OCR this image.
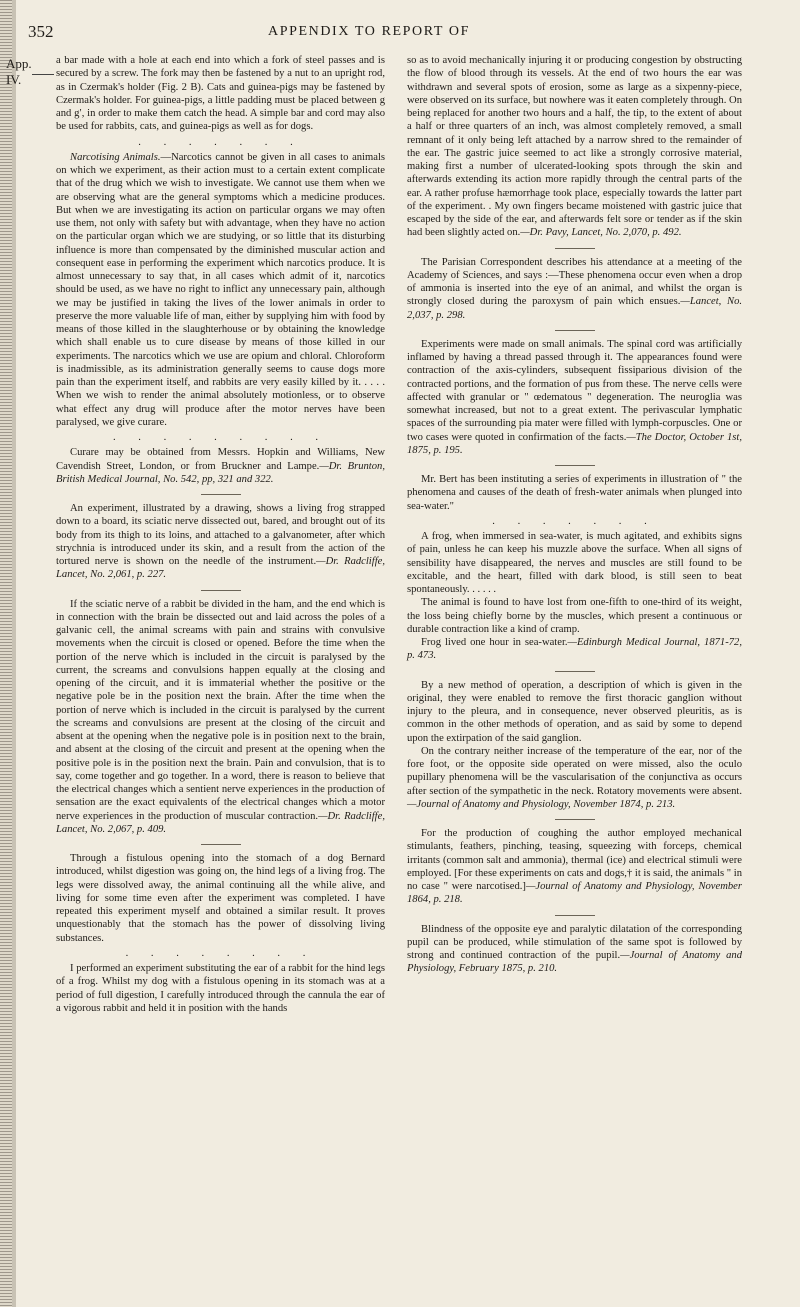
352	APPENDIX TO REPORT OF
App. IV.

a bar made with a hole at each end into which a fork of steel passes and is secured by a screw. The fork may then be fastened by a nut to an upright rod, as in Czermak's holder (Fig. 2 B). Cats and guinea-pigs may be fastened by Czermak's holder. For guinea-pigs, a little padding must be placed between g and g′, in order to make them catch the head. A simple bar and cord may also be used for rabbits, cats, and guinea-pigs as well as for dogs.

. . . . . . .

Narcotising Animals.—Narcotics cannot be given in all cases to animals on which we experiment, as their action must to a certain extent complicate that of the drug which we wish to investigate. We cannot use them when we are observing what are the general symptoms which a medicine produces. But when we are investigating its action on particular organs we may often use them, not only with safety but with advantage, when they have no action on the particular organ which we are studying, or so little that its disturbing influence is more than compensated by the diminished muscular action and consequent ease in performing the experiment which narcotics produce. It is almost unnecessary to say that, in all cases which admit of it, narcotics should be used, as we have no right to inflict any unnecessary pain, although we may be justified in taking the lives of the lower animals in order to preserve the more valuable life of man, either by supplying him with food by means of those killed in the slaughterhouse or by obtaining the knowledge which shall enable us to cure disease by means of those killed in our experiments. The narcotics which we use are opium and chloral. Chloroform is inadmissible, as its administration generally seems to cause dogs more pain than the experiment itself, and rabbits are very easily killed by it. . . . . When we wish to render the animal absolutely motionless, or to observe what effect any drug will produce after the motor nerves have been paralysed, we give curare.

. . . . . . . . .

Curare may be obtained from Messrs. Hopkin and Williams, New Cavendish Street, London, or from Bruckner and Lampe.—Dr. Brunton, British Medical Journal, No. 542, pp, 321 and 322.

An experiment, illustrated by a drawing, shows a living frog strapped down to a board, its sciatic nerve dissected out, bared, and brought out of its body from its thigh to its loins, and attached to a galvanometer, after which strychnia is introduced under its skin, and a result from the action of the tortured nerve is shown on the needle of the instrument.—Dr. Radcliffe, Lancet, No. 2,061, p. 227.

If the sciatic nerve of a rabbit be divided in the ham, and the end which is in connection with the brain be dissected out and laid across the poles of a galvanic cell, the animal screams with pain and strains with convulsive movements when the circuit is closed or opened. Before the time when the portion of the nerve which is included in the circuit is paralysed by the current, the screams and convulsions happen equally at the closing and opening of the circuit, and it is immaterial whether the positive or the negative pole be in the position next the brain. After the time when the portion of nerve which is included in the circuit is paralysed by the current the screams and convulsions are present at the closing of the circuit and absent at the opening when the negative pole is in position next to the brain, and absent at the closing of the circuit and present at the opening when the positive pole is in the position next the brain. Pain and convulsion, that is to say, come together and go together. In a word, there is reason to believe that the electrical changes which a sentient nerve experiences in the production of sensation are the exact equivalents of the electrical changes which a motor nerve experiences in the production of muscular contraction.—Dr. Radcliffe, Lancet, No. 2,067, p. 409.

Through a fistulous opening into the stomach of a dog Bernard introduced, whilst digestion was going on, the hind legs of a living frog. The legs were dissolved away, the animal continuing all the while alive, and living for some time even after the experiment was completed. I have repeated this experiment myself and obtained a similar result. It proves unquestionably that the stomach has the power of dissolving living substances.

. . . . . . . .

I performed an experiment substituting the ear of a rabbit for the hind legs of a frog. Whilst my dog with a fistulous opening in its stomach was at a period of full digestion, I carefully introduced through the cannula the ear of a vigorous rabbit and held it in position with the hands

so as to avoid mechanically injuring it or producing congestion by obstructing the flow of blood through its vessels. At the end of two hours the ear was withdrawn and several spots of erosion, some as large as a sixpenny-piece, were observed on its surface, but nowhere was it eaten completely through. On being replaced for another two hours and a half, the tip, to the extent of about a half or three quarters of an inch, was almost completely removed, a small remnant of it only being left attached by a narrow shred to the remainder of the ear. The gastric juice seemed to act like a strongly corrosive material, making first a number of ulcerated-looking spots through the skin and afterwards extending its action more rapidly through the central parts of the ear. A rather profuse hæmorrhage took place, especially towards the latter part of the experiment. . My own fingers became moistened with gastric juice that escaped by the side of the ear, and afterwards felt sore or tender as if the skin had been slightly acted on.—Dr. Pavy, Lancet, No. 2,070, p. 492.

The Parisian Correspondent describes his attendance at a meeting of the Academy of Sciences, and says :—These phenomena occur even when a drop of ammonia is inserted into the eye of an animal, and whilst the organ is strongly closed during the paroxysm of pain which ensues.—Lancet, No. 2,037, p. 298.

Experiments were made on small animals. The spinal cord was artificially inflamed by having a thread passed through it. The appearances found were contraction of the axis-cylinders, subsequent fissiparious division of the contracted portions, and the formation of pus from these. The nerve cells were affected with granular or " œdematous " degeneration. The neuroglia was somewhat increased, but not to a great extent. The perivascular lymphatic spaces of the surrounding pia mater were filled with lymph-corpuscles. One or two cases were quoted in confirmation of the facts.—The Doctor, October 1st, 1875, p. 195.

Mr. Bert has been instituting a series of experiments in illustration of " the phenomena and causes of the death of fresh-water animals when plunged into sea-water."

. . . . . . .

A frog, when immersed in sea-water, is much agitated, and exhibits signs of pain, unless he can keep his muzzle above the surface. When all signs of sensibility have disappeared, the nerves and muscles are still found to be excitable, and the heart, filled with dark blood, is still seen to beat spontaneously. . . . . .

The animal is found to have lost from one-fifth to one-third of its weight, the loss being chiefly borne by the muscles, which present a continuous or durable contraction like a kind of cramp.

Frog lived one hour in sea-water.—Edinburgh Medical Journal, 1871-72, p. 473.

By a new method of operation, a description of which is given in the original, they were enabled to remove the first thoracic ganglion without injury to the pleura, and in consequence, never observed pleuritis, as is common in the other methods of operation, and as said by some to depend upon the extirpation of the said ganglion.

On the contrary neither increase of the temperature of the ear, nor of the fore foot, or the opposite side operated on were missed, also the oculo pupillary phenomena will be the vascularisation of the conjunctiva as occurs after section of the sympathetic in the neck. Rotatory movements were absent.—Journal of Anatomy and Physiology, November 1874, p. 213.

For the production of coughing the author employed mechanical stimulants, feathers, pinching, teasing, squeezing with forceps, chemical irritants (common salt and ammonia), thermal (ice) and electrical stimuli were employed. [For these experiments on cats and dogs,† it is said, the animals " in no case " were narcotised.]—Journal of Anatomy and Physiology, November 1864, p. 218.

Blindness of the opposite eye and paralytic dilatation of the corresponding pupil can be produced, while stimulation of the same spot is followed by strong and continued contraction of the pupil.—Journal of Anatomy and Physiology, February 1875, p. 210.
